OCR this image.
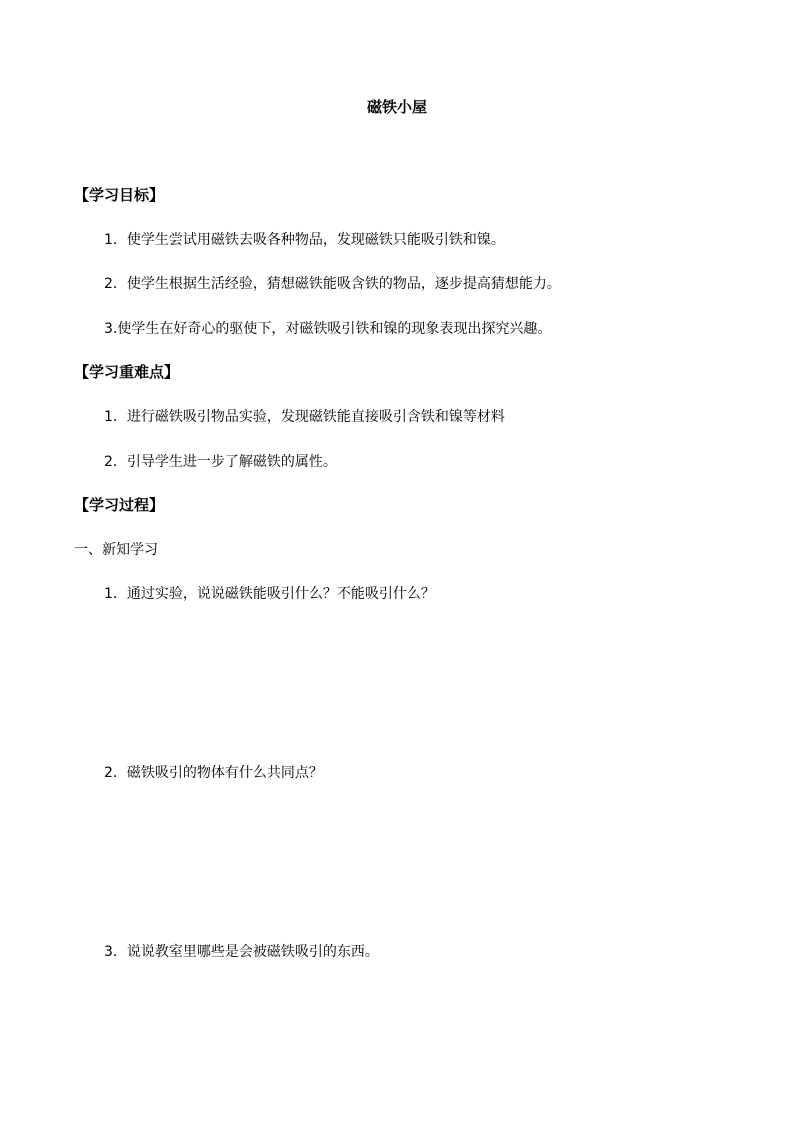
磁铁小屋
【学习目标】
1．使学生尝试用磁铁去吸各种物品，发现磁铁只能吸引铁和镍。
2．使学生根据生活经验，猜想磁铁能吸含铁的物品，逐步提高猜想能力。
3.使学生在好奇心的驱使下，对磁铁吸引铁和镍的现象表现出探究兴趣。
【学习重难点】
1．进行磁铁吸引物品实验，发现磁铁能直接吸引含铁和镍等材料
2．引导学生进一步了解磁铁的属性。
【学习过程】
一、新知学习
1．通过实验，说说磁铁能吸引什么？不能吸引什么？
2．磁铁吸引的物体有什么共同点？
3．说说教室里哪些是会被磁铁吸引的东西。
